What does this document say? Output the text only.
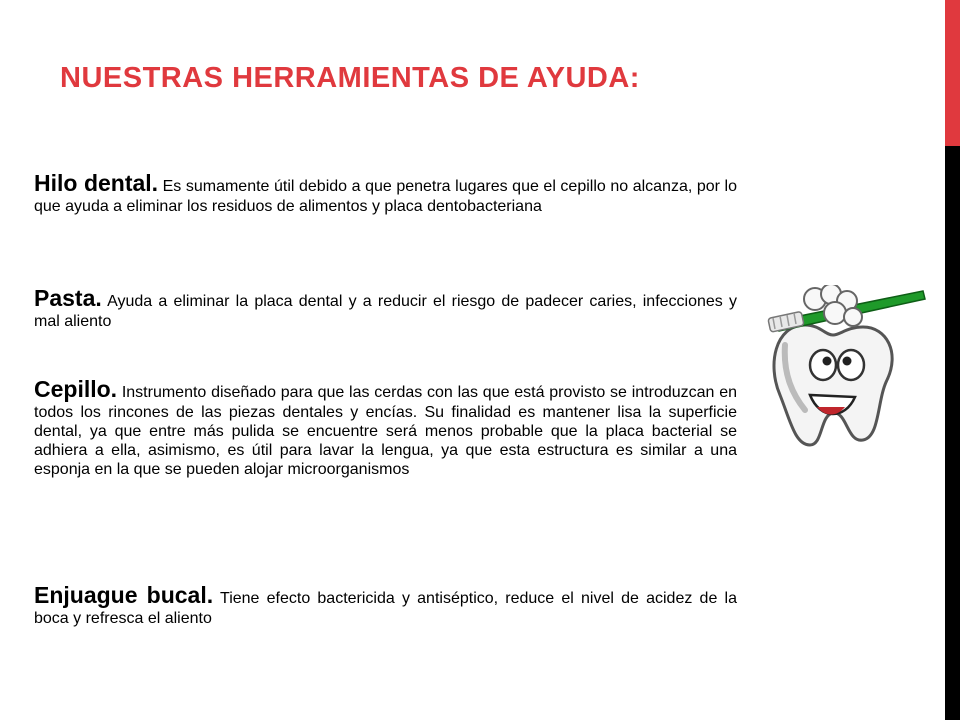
NUESTRAS HERRAMIENTAS DE AYUDA:
Hilo dental. Es sumamente útil debido a que penetra lugares que el cepillo no alcanza, por lo que ayuda a eliminar los residuos de alimentos y placa dentobacteriana
Pasta. Ayuda a eliminar la placa dental y a reducir el riesgo de padecer caries, infecciones y mal aliento
Cepillo. Instrumento diseñado para que las cerdas con las que está provisto se introduzcan en todos los rincones de las piezas dentales y encías. Su finalidad es mantener lisa la superficie dental, ya que entre más pulida se encuentre será menos probable que la placa bacterial se adhiera a ella, asimismo, es útil para lavar la lengua, ya que esta estructura es similar a una esponja en la que se pueden alojar microorganismos
Enjuague bucal. Tiene efecto bactericida y antiséptico, reduce el nivel de acidez de la boca y refresca el aliento
